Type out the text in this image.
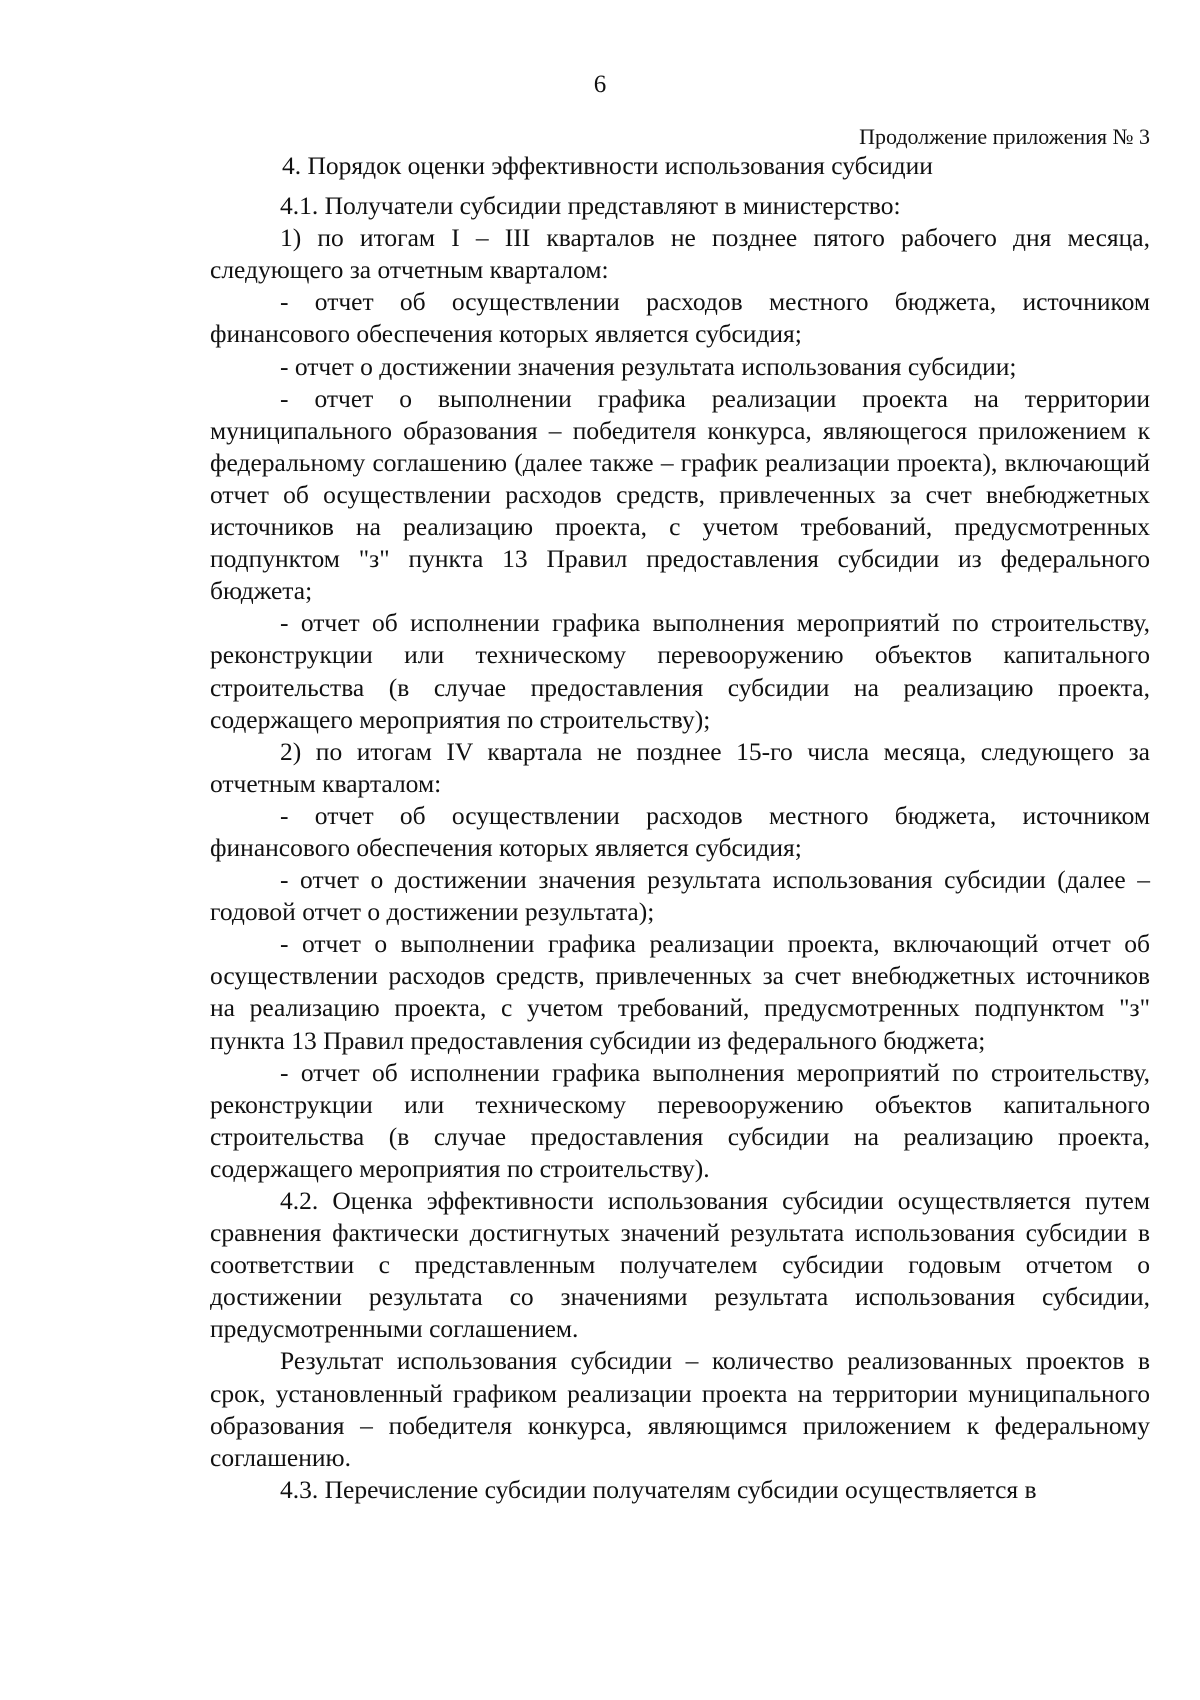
6
Продолжение приложения № 3

4. Порядок оценки эффективности использования субсидии

4.1. Получатели субсидии представляют в министерство:

1) по итогам I – III кварталов не позднее пятого рабочего дня месяца, следующего за отчетным кварталом:

- отчет об осуществлении расходов местного бюджета, источником финансового обеспечения которых является субсидия;

- отчет о достижении значения результата использования субсидии;

- отчет о выполнении графика реализации проекта на территории муниципального образования – победителя конкурса, являющегося приложением к федеральному соглашению (далее также – график реализации проекта), включающий отчет об осуществлении расходов средств, привлеченных за счет внебюджетных источников на реализацию проекта, с учетом требований, предусмотренных подпунктом "з" пункта 13 Правил предоставления субсидии из федерального бюджета;

- отчет об исполнении графика выполнения мероприятий по строительству, реконструкции или техническому перевооружению объектов капитального строительства (в случае предоставления субсидии на реализацию проекта, содержащего мероприятия по строительству);

2) по итогам IV квартала не позднее 15-го числа месяца, следующего за отчетным кварталом:

- отчет об осуществлении расходов местного бюджета, источником финансового обеспечения которых является субсидия;

- отчет о достижении значения результата использования субсидии (далее – годовой отчет о достижении результата);

- отчет о выполнении графика реализации проекта, включающий отчет об осуществлении расходов средств, привлеченных за счет внебюджетных источников на реализацию проекта, с учетом требований, предусмотренных подпунктом "з" пункта 13 Правил предоставления субсидии из федерального бюджета;

- отчет об исполнении графика выполнения мероприятий по строительству, реконструкции или техническому перевооружению объектов капитального строительства (в случае предоставления субсидии на реализацию проекта, содержащего мероприятия по строительству).

4.2. Оценка эффективности использования субсидии осуществляется путем сравнения фактически достигнутых значений результата использования субсидии в соответствии с представленным получателем субсидии годовым отчетом о достижении результата со значениями результата использования субсидии, предусмотренными соглашением.

Результат использования субсидии – количество реализованных проектов в срок, установленный графиком реализации проекта на территории муниципального образования – победителя конкурса, являющимся приложением к федеральному соглашению.

4.3. Перечисление субсидии получателям субсидии осуществляется в
